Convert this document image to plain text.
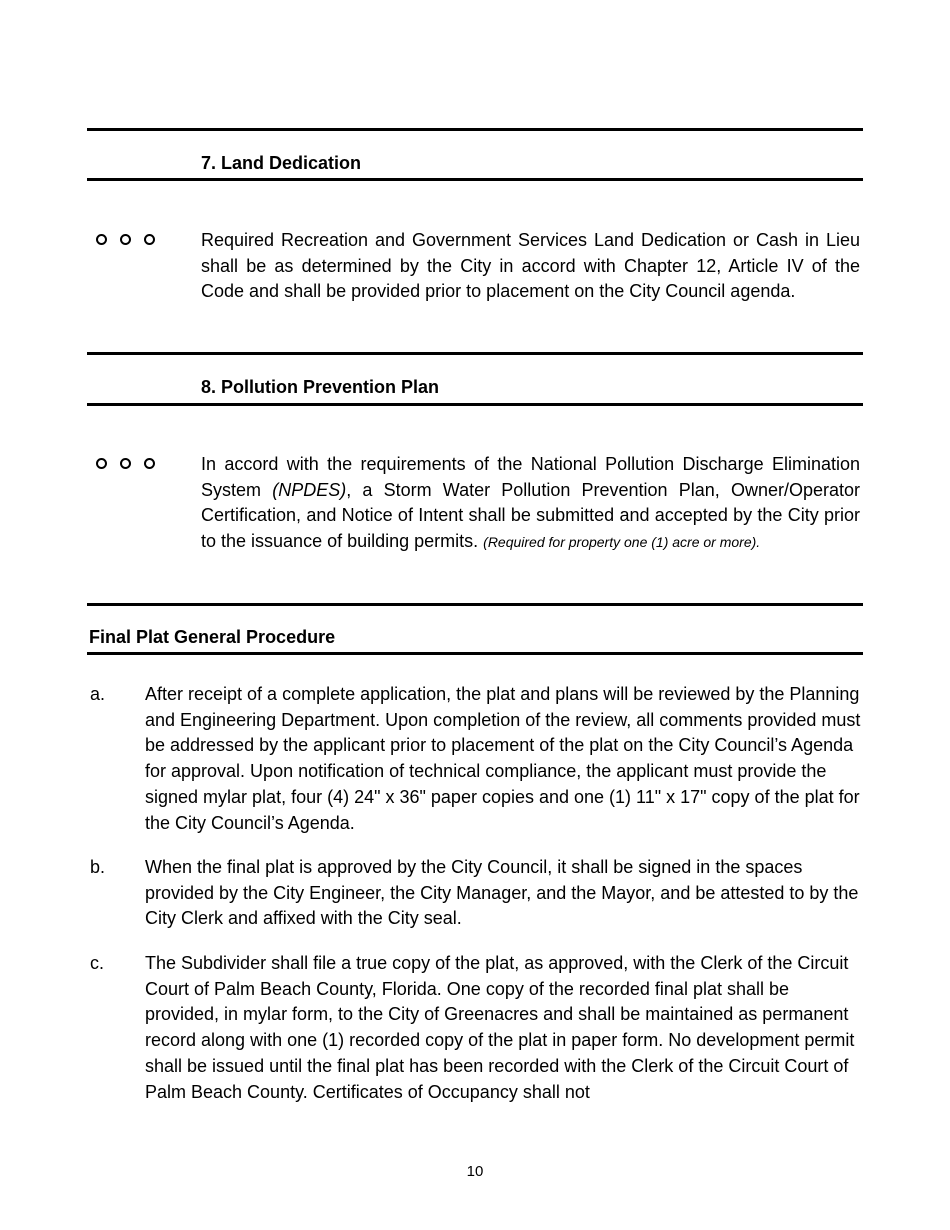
7. Land Dedication
Required Recreation and Government Services Land Dedication or Cash in Lieu shall be as determined by the City in accord with Chapter 12, Article IV of the Code and shall be provided prior to placement on the City Council agenda.
8. Pollution Prevention Plan
In accord with the requirements of the National Pollution Discharge Elimination System (NPDES), a Storm Water Pollution Prevention Plan, Owner/Operator Certification, and Notice of Intent shall be submitted and accepted by the City prior to the issuance of building permits. (Required for property one (1) acre or more).
Final Plat General Procedure
a. After receipt of a complete application, the plat and plans will be reviewed by the Planning and Engineering Department. Upon completion of the review, all comments provided must be addressed by the applicant prior to placement of the plat on the City Council’s Agenda for approval. Upon notification of technical compliance, the applicant must provide the signed mylar plat, four (4) 24" x 36" paper copies and one (1) 11" x 17" copy of the plat for the City Council’s Agenda.
b. When the final plat is approved by the City Council, it shall be signed in the spaces provided by the City Engineer, the City Manager, and the Mayor, and be attested to by the City Clerk and affixed with the City seal.
c. The Subdivider shall file a true copy of the plat, as approved, with the Clerk of the Circuit Court of Palm Beach County, Florida. One copy of the recorded final plat shall be provided, in mylar form, to the City of Greenacres and shall be maintained as permanent record along with one (1) recorded copy of the plat in paper form. No development permit shall be issued until the final plat has been recorded with the Clerk of the Circuit Court of Palm Beach County. Certificates of Occupancy shall not
10
